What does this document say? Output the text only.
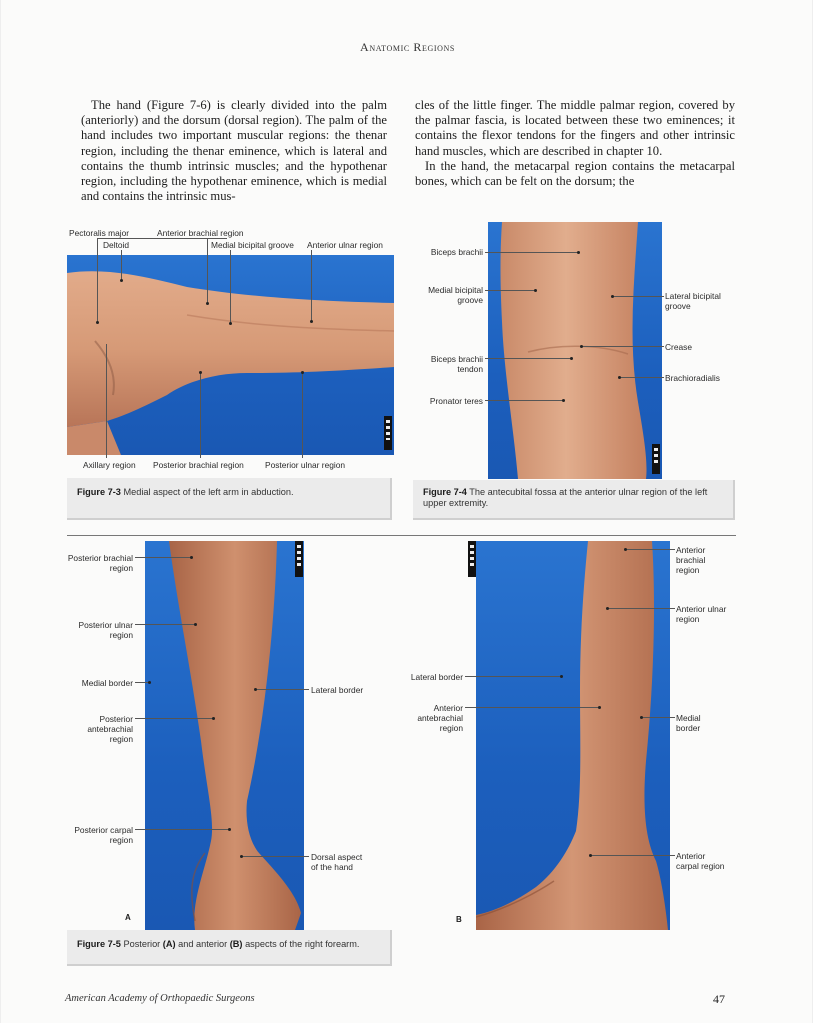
Anatomic Regions

The hand (Figure 7-6) is clearly divided into the palm (anteriorly) and the dorsum (dorsal region). The palm of the hand includes two important muscular regions: the thenar region, including the thenar eminence, which is lateral and contains the thumb intrinsic muscles; and the hypothenar region, including the hypothenar eminence, which is medial and contains the intrinsic mus-

cles of the little finger. The middle palmar region, covered by the palmar fascia, is located between these two eminences; it contains the flexor tendons for the fingers and other intrinsic hand muscles, which are described in chapter 10.

In the hand, the metacarpal region contains the metacarpal bones, which can be felt on the dorsum; the

Pectoralis major	Anterior brachial region
Deltoid	Medial bicipital groove Anterior ulnar region
Axillary region Posterior brachial region	Posterior ulnar region
Figure 7-3 Medial aspect of the left arm in abduction.
Biceps brachii
Medial bicipital
groove
Biceps brachii
tendon
Pronator teres
Lateral bicipital
groove
Crease
Brachioradialis
Figure 7-4 The antecubital fossa at the anterior ulnar region of the left upper extremity.
A
Posterior brachial
region
Posterior ulnar
region
Medial border
Posterior
antebrachial
region
Posterior carpal
region
Lateral border
Dorsal aspect
of the hand
B
Lateral border
Anterior
antebrachial
region
Anterior
brachial
region
Anterior ulnar
region
Medial
border
Anterior
carpal region
Figure 7-5 Posterior (A) and anterior (B) aspects of the right forearm.
American Academy of Orthopaedic Surgeons	47
